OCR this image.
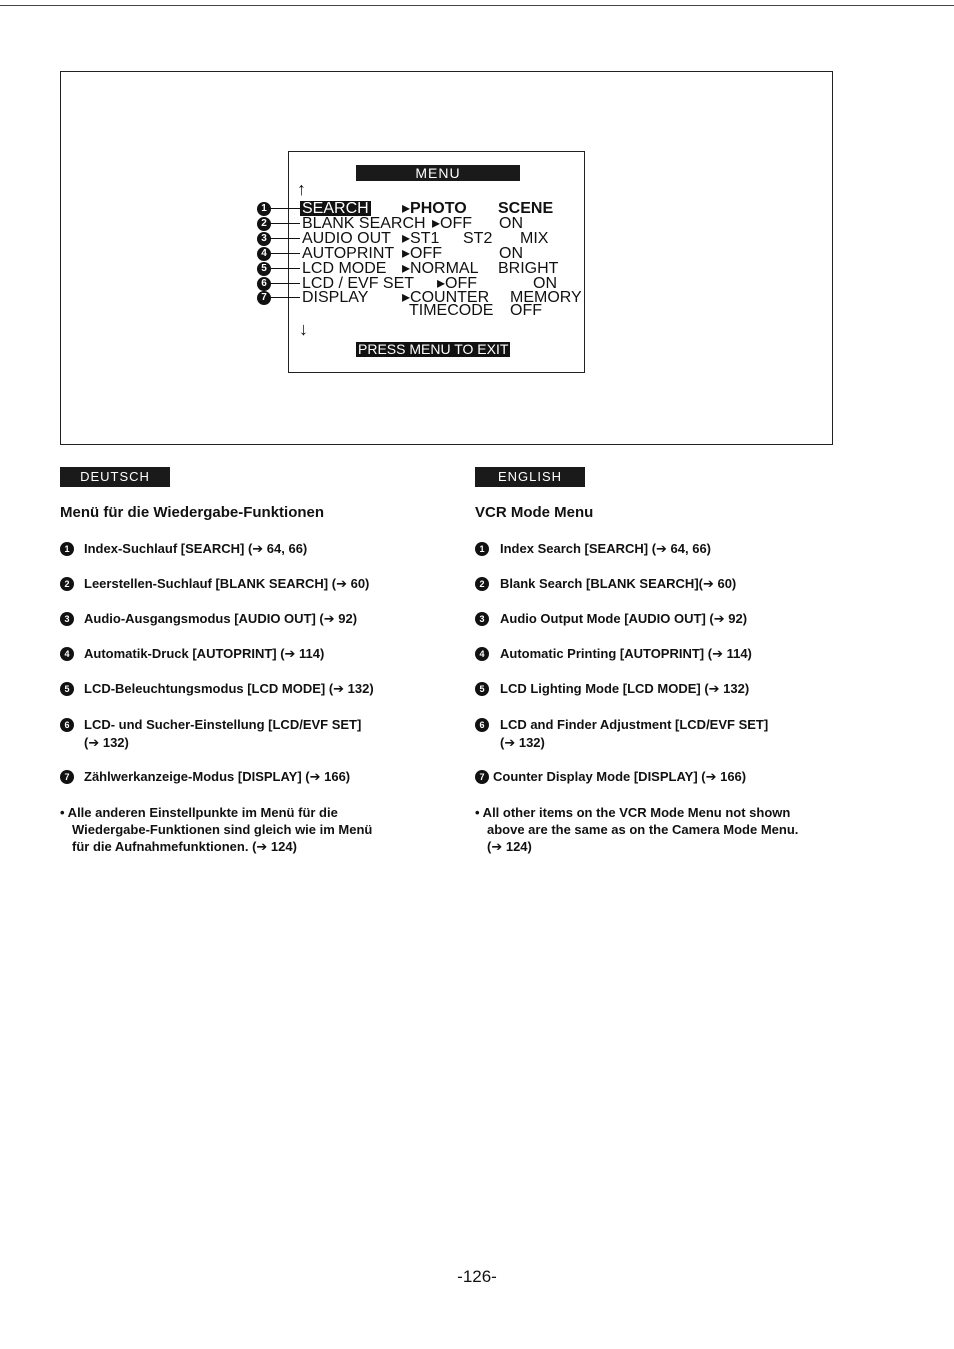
MENU
↑
↓
1 SEARCH ▸PHOTO SCENE
2 BLANK SEARCH ▸OFF ON
3 AUDIO OUT ▸ST1 ST2 MIX
4 AUTOPRINT ▸OFF	ON
5 LCD MODE ▸NORMAL BRIGHT
6 LCD / EVF SET ▸OFF	ON
7 DISPLAY ▸COUNTER MEMORY
TIMECODE OFF
PRESS MENU TO EXIT
DEUTSCH
Menü für die Wiedergabe-Funktionen
1	Index-Suchlauf [SEARCH] (➔ 64, 66)
2	Leerstellen-Suchlauf [BLANK SEARCH] (➔ 60)
3	Audio-Ausgangsmodus [AUDIO OUT] (➔ 92)
4	Automatik-Druck [AUTOPRINT] (➔ 114)
5	LCD-Beleuchtungsmodus [LCD MODE] (➔ 132)
6	LCD- und Sucher-Einstellung [LCD/EVF SET]
(➔ 132)
7	Zählwerkanzeige-Modus [DISPLAY] (➔ 166)
• Alle anderen Einstellpunkte im Menü für die
Wiedergabe-Funktionen sind gleich wie im Menü
für die Aufnahmefunktionen. (➔ 124)
ENGLISH
VCR Mode Menu
1	Index Search [SEARCH] (➔ 64, 66)
2	Blank Search [BLANK SEARCH](➔ 60)
3	Audio Output Mode [AUDIO OUT] (➔ 92)
4	Automatic Printing [AUTOPRINT] (➔ 114)
5	LCD Lighting Mode [LCD MODE] (➔ 132)
6	LCD and Finder Adjustment [LCD/EVF SET]
(➔ 132)
7 Counter Display Mode [DISPLAY] (➔ 166)
• All other items on the VCR Mode Menu not shown
above are the same as on the Camera Mode Menu.
(➔ 124)
-126-
